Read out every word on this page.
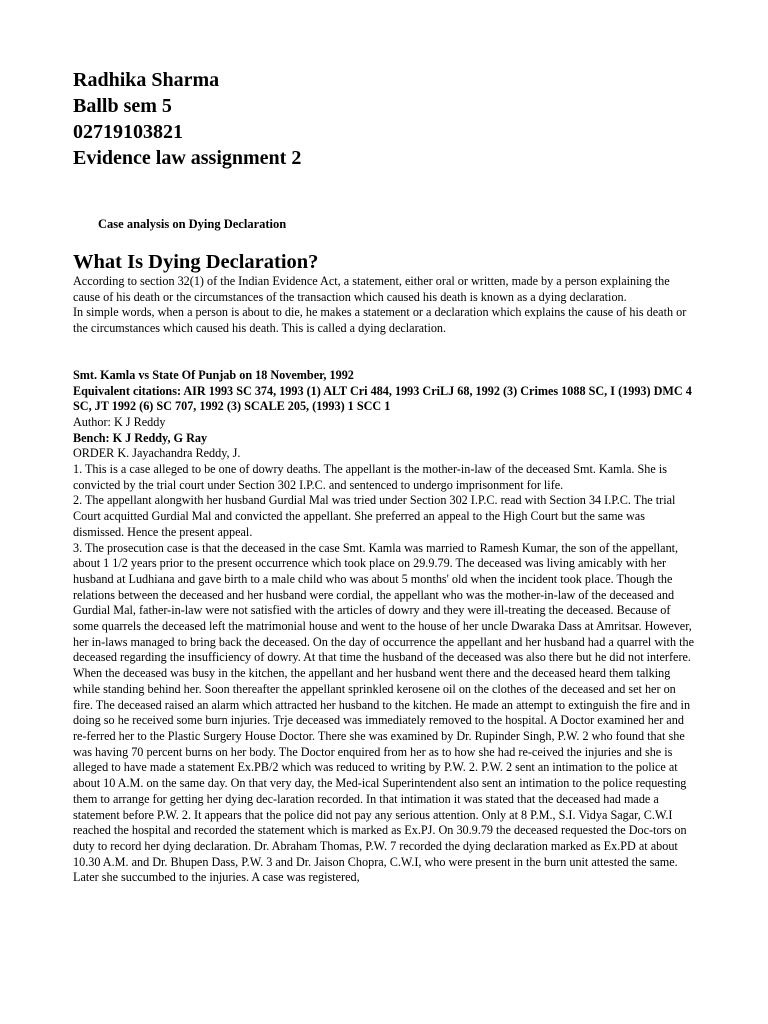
Radhika Sharma

Ballb sem 5

02719103821

Evidence law assignment 2

Case analysis on Dying Declaration

What Is Dying Declaration?

According to section 32(1) of the Indian Evidence Act, a statement, either oral or written, made by a person explaining the cause of his death or the circumstances of the transaction which caused his death is known as a dying declaration.

In simple words, when a person is about to die, he makes a statement or a declaration which explains the cause of his death or the circumstances which caused his death. This is called a dying declaration.

Smt. Kamla vs State Of Punjab on 18 November, 1992

Equivalent citations: AIR 1993 SC 374, 1993 (1) ALT Cri 484, 1993 CriLJ 68, 1992 (3) Crimes 1088 SC, I (1993) DMC 4 SC, JT 1992 (6) SC 707, 1992 (3) SCALE 205, (1993) 1 SCC 1

Author: K J Reddy

Bench: K J Reddy, G Ray

ORDER K. Jayachandra Reddy, J.

1. This is a case alleged to be one of dowry deaths. The appellant is the mother-in-law of the deceased Smt. Kamla. She is convicted by the trial court under Section 302 I.P.C. and sentenced to undergo imprisonment for life.

2. The appellant alongwith her husband Gurdial Mal was tried under Section 302 I.P.C. read with Section 34 I.P.C. The trial Court acquitted Gurdial Mal and convicted the appellant. She preferred an appeal to the High Court but the same was dismissed. Hence the present appeal.

3. The prosecution case is that the deceased in the case Smt. Kamla was married to Ramesh Kumar, the son of the appellant, about 1 1/2 years prior to the present occurrence which took place on 29.9.79. The deceased was living amicably with her husband at Ludhiana and gave birth to a male child who was about 5 months' old when the incident took place. Though the relations between the deceased and her husband were cordial, the appellant who was the mother-in-law of the deceased and Gurdial Mal, father-in-law were not satisfied with the articles of dowry and they were ill-treating the deceased. Because of some quarrels the deceased left the matrimonial house and went to the house of her uncle Dwaraka Dass at Amritsar. However, her in-laws managed to bring back the deceased. On the day of occurrence the appellant and her husband had a quarrel with the deceased regarding the insufficiency of dowry. At that time the husband of the deceased was also there but he did not interfere. When the deceased was busy in the kitchen, the appellant and her husband went there and the deceased heard them talking while standing behind her. Soon thereafter the appellant sprinkled kerosene oil on the clothes of the deceased and set her on fire. The deceased raised an alarm which attracted her husband to the kitchen. He made an attempt to extinguish the fire and in doing so he received some burn injuries. Trje deceased was immediately removed to the hospital. A Doctor examined her and re-ferred her to the Plastic Surgery House Doctor. There she was examined by Dr. Rupinder Singh, P.W. 2 who found that she was having 70 percent burns on her body. The Doctor enquired from her as to how she had re-ceived the injuries and she is alleged to have made a statement Ex.PB/2 which was reduced to writing by P.W. 2. P.W. 2 sent an intimation to the police at about 10 A.M. on the same day. On that very day, the Med-ical Superintendent also sent an intimation to the police requesting them to arrange for getting her dying dec-laration recorded. In that intimation it was stated that the deceased had made a statement before P.W. 2. It appears that the police did not pay any serious attention. Only at 8 P.M., S.I. Vidya Sagar, C.W.I reached the hospital and recorded the statement which is marked as Ex.PJ. On 30.9.79 the deceased requested the Doc-tors on duty to record her dying declaration. Dr. Abraham Thomas, P.W. 7 recorded the dying declaration marked as Ex.PD at about 10.30 A.M. and Dr. Bhupen Dass, P.W. 3 and Dr. Jaison Chopra, C.W.I, who were present in the burn unit attested the same. Later she succumbed to the injuries. A case was registered,
